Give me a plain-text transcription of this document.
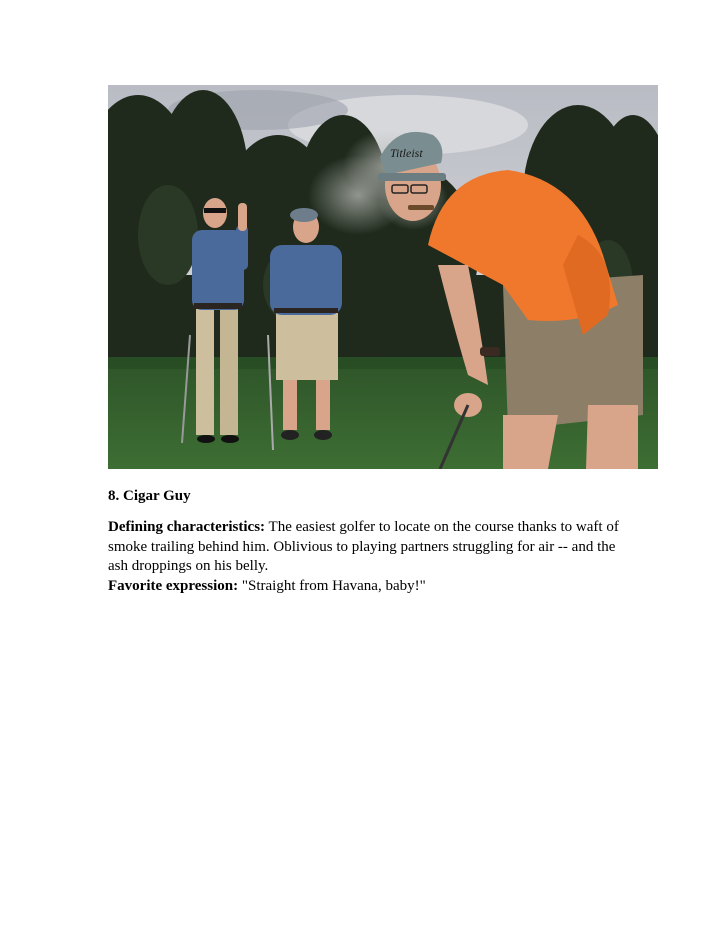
Titleist
8. Cigar Guy

Defining characteristics: The easiest golfer to locate on the course thanks to waft of smoke trailing behind him. Oblivious to playing partners struggling for air -- and the ash droppings on his belly.

Favorite expression: "Straight from Havana, baby!"
